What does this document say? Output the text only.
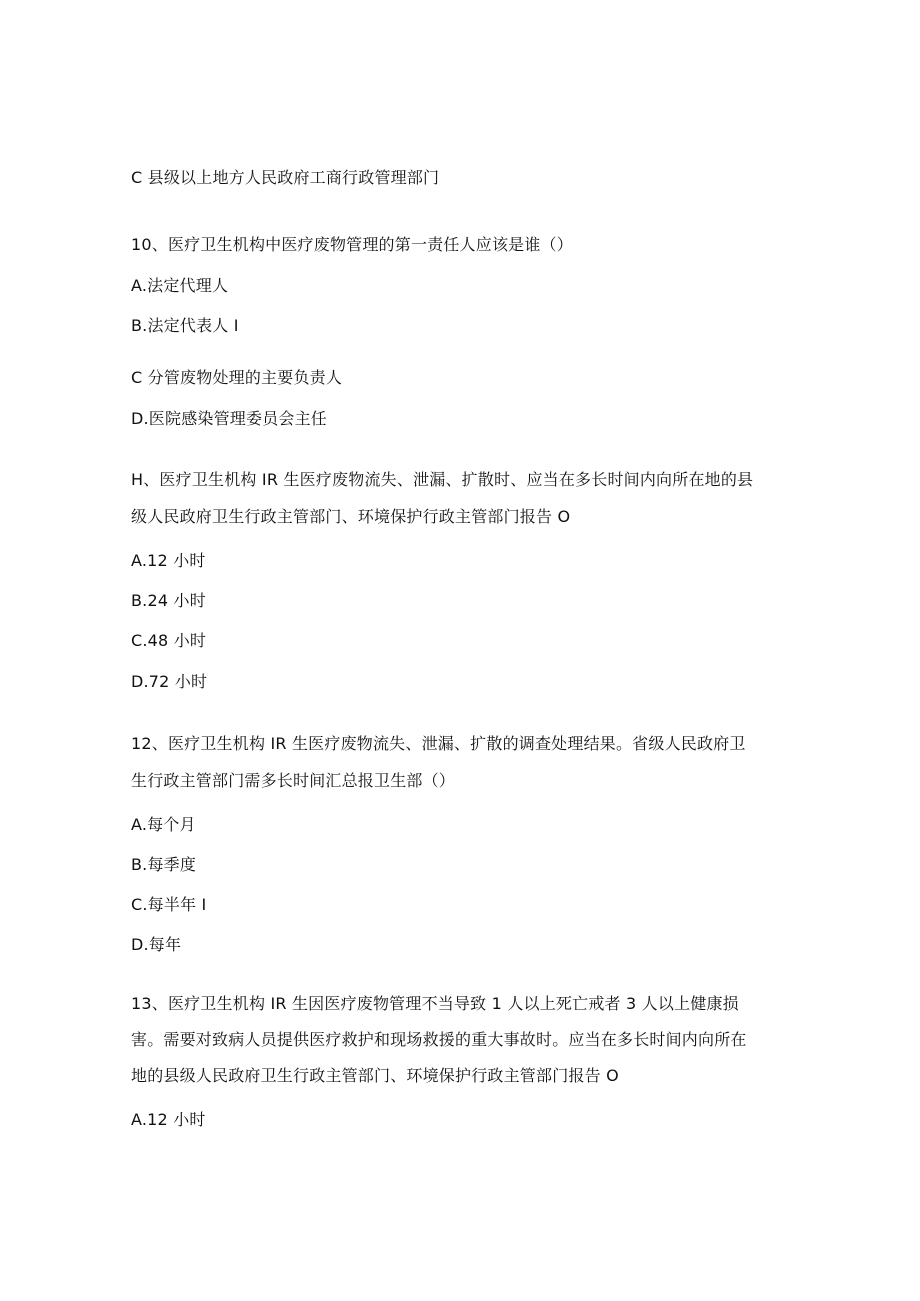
C 县级以上地方人民政府工商行政管理部门
10、医疗卫生机构中医疗废物管理的第一责任人应该是谁（）
A.法定代理人
B.法定代表人 I
C 分管废物处理的主要负责人
D.医院感染管理委员会主任
H、医疗卫生机构 IR 生医疗废物流失、泄漏、扩散时、应当在多长时间内向所在地的县
级人民政府卫生行政主管部门、环境保护行政主管部门报告 O
A.12 小时
B.24 小时
C.48 小时
D.72 小时
12、医疗卫生机构 IR 生医疗废物流失、泄漏、扩散的调查处理结果。省级人民政府卫
生行政主管部门需多长时间汇总报卫生部（）
A.每个月
B.每季度
C.每半年 I
D.每年
13、医疗卫生机构 IR 生因医疗废物管理不当导致 1 人以上死亡戒者 3 人以上健康损
害。需要对致病人员提供医疗救护和现场救援的重大事故时。应当在多长时间内向所在
地的县级人民政府卫生行政主管部门、环境保护行政主管部门报告 O
A.12 小时
